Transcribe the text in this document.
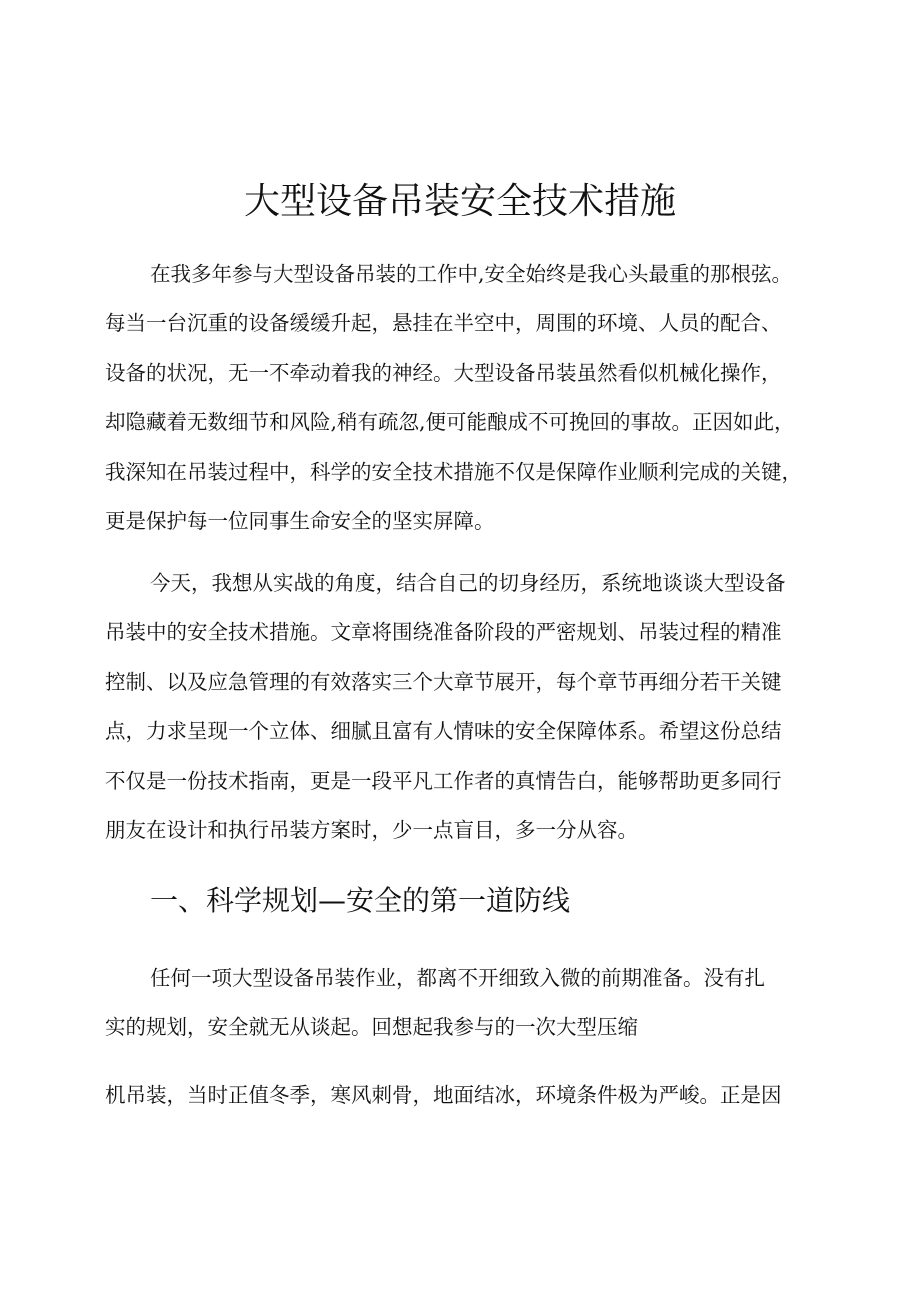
大型设备吊装安全技术措施
在我多年参与大型设备吊装的工作中,安全始终是我心头最重的那根弦。
每当一台沉重的设备缓缓升起，悬挂在半空中，周围的环境、人员的配合、
设备的状况，无一不牵动着我的神经。大型设备吊装虽然看似机械化操作，
却隐藏着无数细节和风险,稍有疏忽,便可能酿成不可挽回的事故。正因如此，
我深知在吊装过程中，科学的安全技术措施不仅是保障作业顺利完成的关键，
更是保护每一位同事生命安全的坚实屏障。
今天，我想从实战的角度，结合自己的切身经历，系统地谈谈大型设备
吊装中的安全技术措施。文章将围绕准备阶段的严密规划、吊装过程的精准
控制、以及应急管理的有效落实三个大章节展开，每个章节再细分若干关键
点，力求呈现一个立体、细腻且富有人情味的安全保障体系。希望这份总结
不仅是一份技术指南，更是一段平凡工作者的真情告白，能够帮助更多同行
朋友在设计和执行吊装方案时，少一点盲目，多一分从容。
一、科学规划—安全的第一道防线
任何一项大型设备吊装作业，都离不开细致入微的前期准备。没有扎
实的规划，安全就无从谈起。回想起我参与的一次大型压缩
机吊装，当时正值冬季，寒风刺骨，地面结冰，环境条件极为严峻。正是因
